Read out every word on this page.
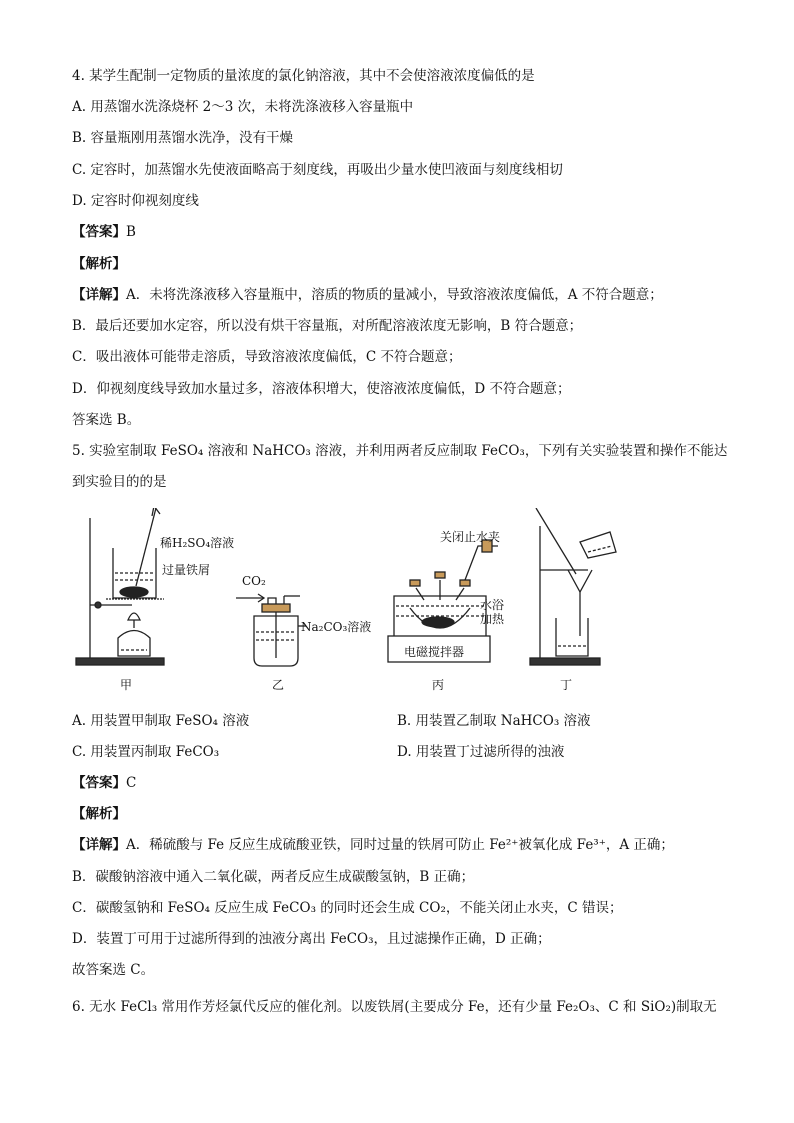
4. 某学生配制一定物质的量浓度的氯化钠溶液，其中不会使溶液浓度偏低的是
A. 用蒸馏水洗涤烧杯 2～3 次，未将洗涤液移入容量瓶中
B. 容量瓶刚用蒸馏水洗净，没有干燥
C. 定容时，加蒸馏水先使液面略高于刻度线，再吸出少量水使凹液面与刻度线相切
D. 定容时仰视刻度线
【答案】B
【解析】
【详解】A．未将洗涤液移入容量瓶中，溶质的物质的量减小，导致溶液浓度偏低，A 不符合题意；
B．最后还要加水定容，所以没有烘干容量瓶，对所配溶液浓度无影响，B 符合题意；
C．吸出液体可能带走溶质，导致溶液浓度偏低，C 不符合题意；
D．仰视刻度线导致加水量过多，溶液体积增大，使溶液浓度偏低，D 不符合题意；
答案选 B。
5. 实验室制取 FeSO₄ 溶液和 NaHCO₃ 溶液，并利用两者反应制取 FeCO₃，下列有关实验装置和操作不能达
到实验目的的是
稀H₂SO₄溶液
过量铁屑
CO₂
Na₂CO₃溶液
关闭止水夹
水浴
加热
电磁搅拌器
甲	乙	丙	丁
A. 用装置甲制取 FeSO₄ 溶液	B. 用装置乙制取 NaHCO₃ 溶液
C. 用装置丙制取 FeCO₃	D. 用装置丁过滤所得的浊液
【答案】C
【解析】
【详解】A．稀硫酸与 Fe 反应生成硫酸亚铁，同时过量的铁屑可防止 Fe²⁺被氧化成 Fe³⁺，A 正确；
B．碳酸钠溶液中通入二氧化碳，两者反应生成碳酸氢钠，B 正确；
C．碳酸氢钠和 FeSO₄ 反应生成 FeCO₃ 的同时还会生成 CO₂，不能关闭止水夹，C 错误；
D．装置丁可用于过滤所得到的浊液分离出 FeCO₃，且过滤操作正确，D 正确；
故答案选 C。
6. 无水 FeCl₃ 常用作芳烃氯代反应的催化剂。以废铁屑(主要成分 Fe，还有少量 Fe₂O₃、C 和 SiO₂)制取无
